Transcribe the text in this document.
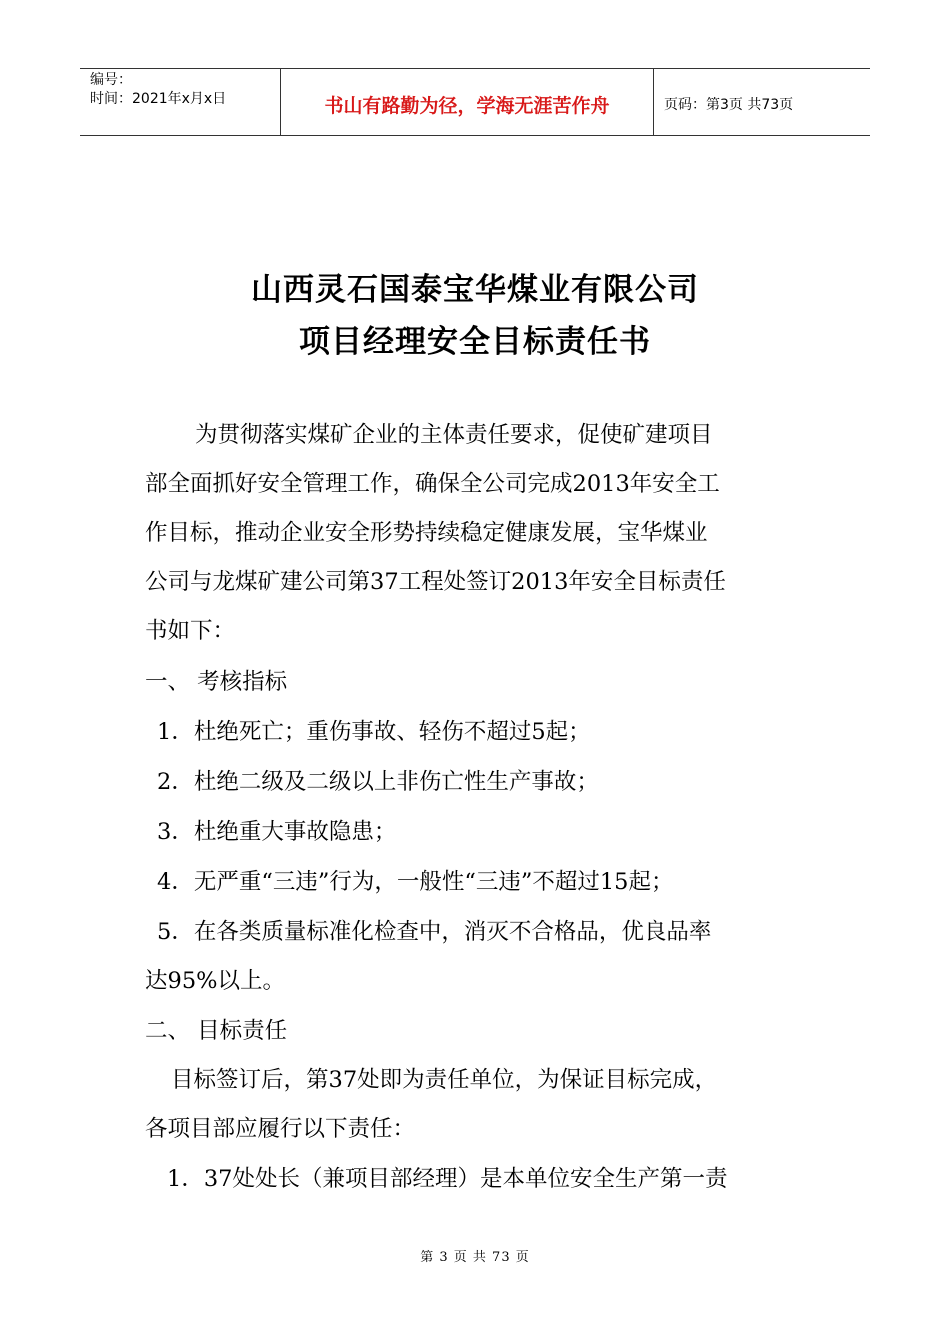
编号：
时间：2021年x月x日	书山有路勤为径，学海无涯苦作舟	页码：第3页 共73页
山西灵石国泰宝华煤业有限公司
项目经理安全目标责任书
为贯彻落实煤矿企业的主体责任要求，促使矿建项目
部全面抓好安全管理工作，确保全公司完成2013年安全工
作目标，推动企业安全形势持续稳定健康发展，宝华煤业
公司与龙煤矿建公司第37工程处签订2013年安全目标责任
书如下：
一、 考核指标
1．杜绝死亡；重伤事故、轻伤不超过5起；
2．杜绝二级及二级以上非伤亡性生产事故；
3．杜绝重大事故隐患；
4．无严重“三违”行为，一般性“三违”不超过15起；
5．在各类质量标准化检查中，消灭不合格品，优良品率
达95%以上。
二、 目标责任
目标签订后，第37处即为责任单位，为保证目标完成，
各项目部应履行以下责任：
1．37处处长（兼项目部经理）是本单位安全生产第一责
第 3 页 共 73 页
